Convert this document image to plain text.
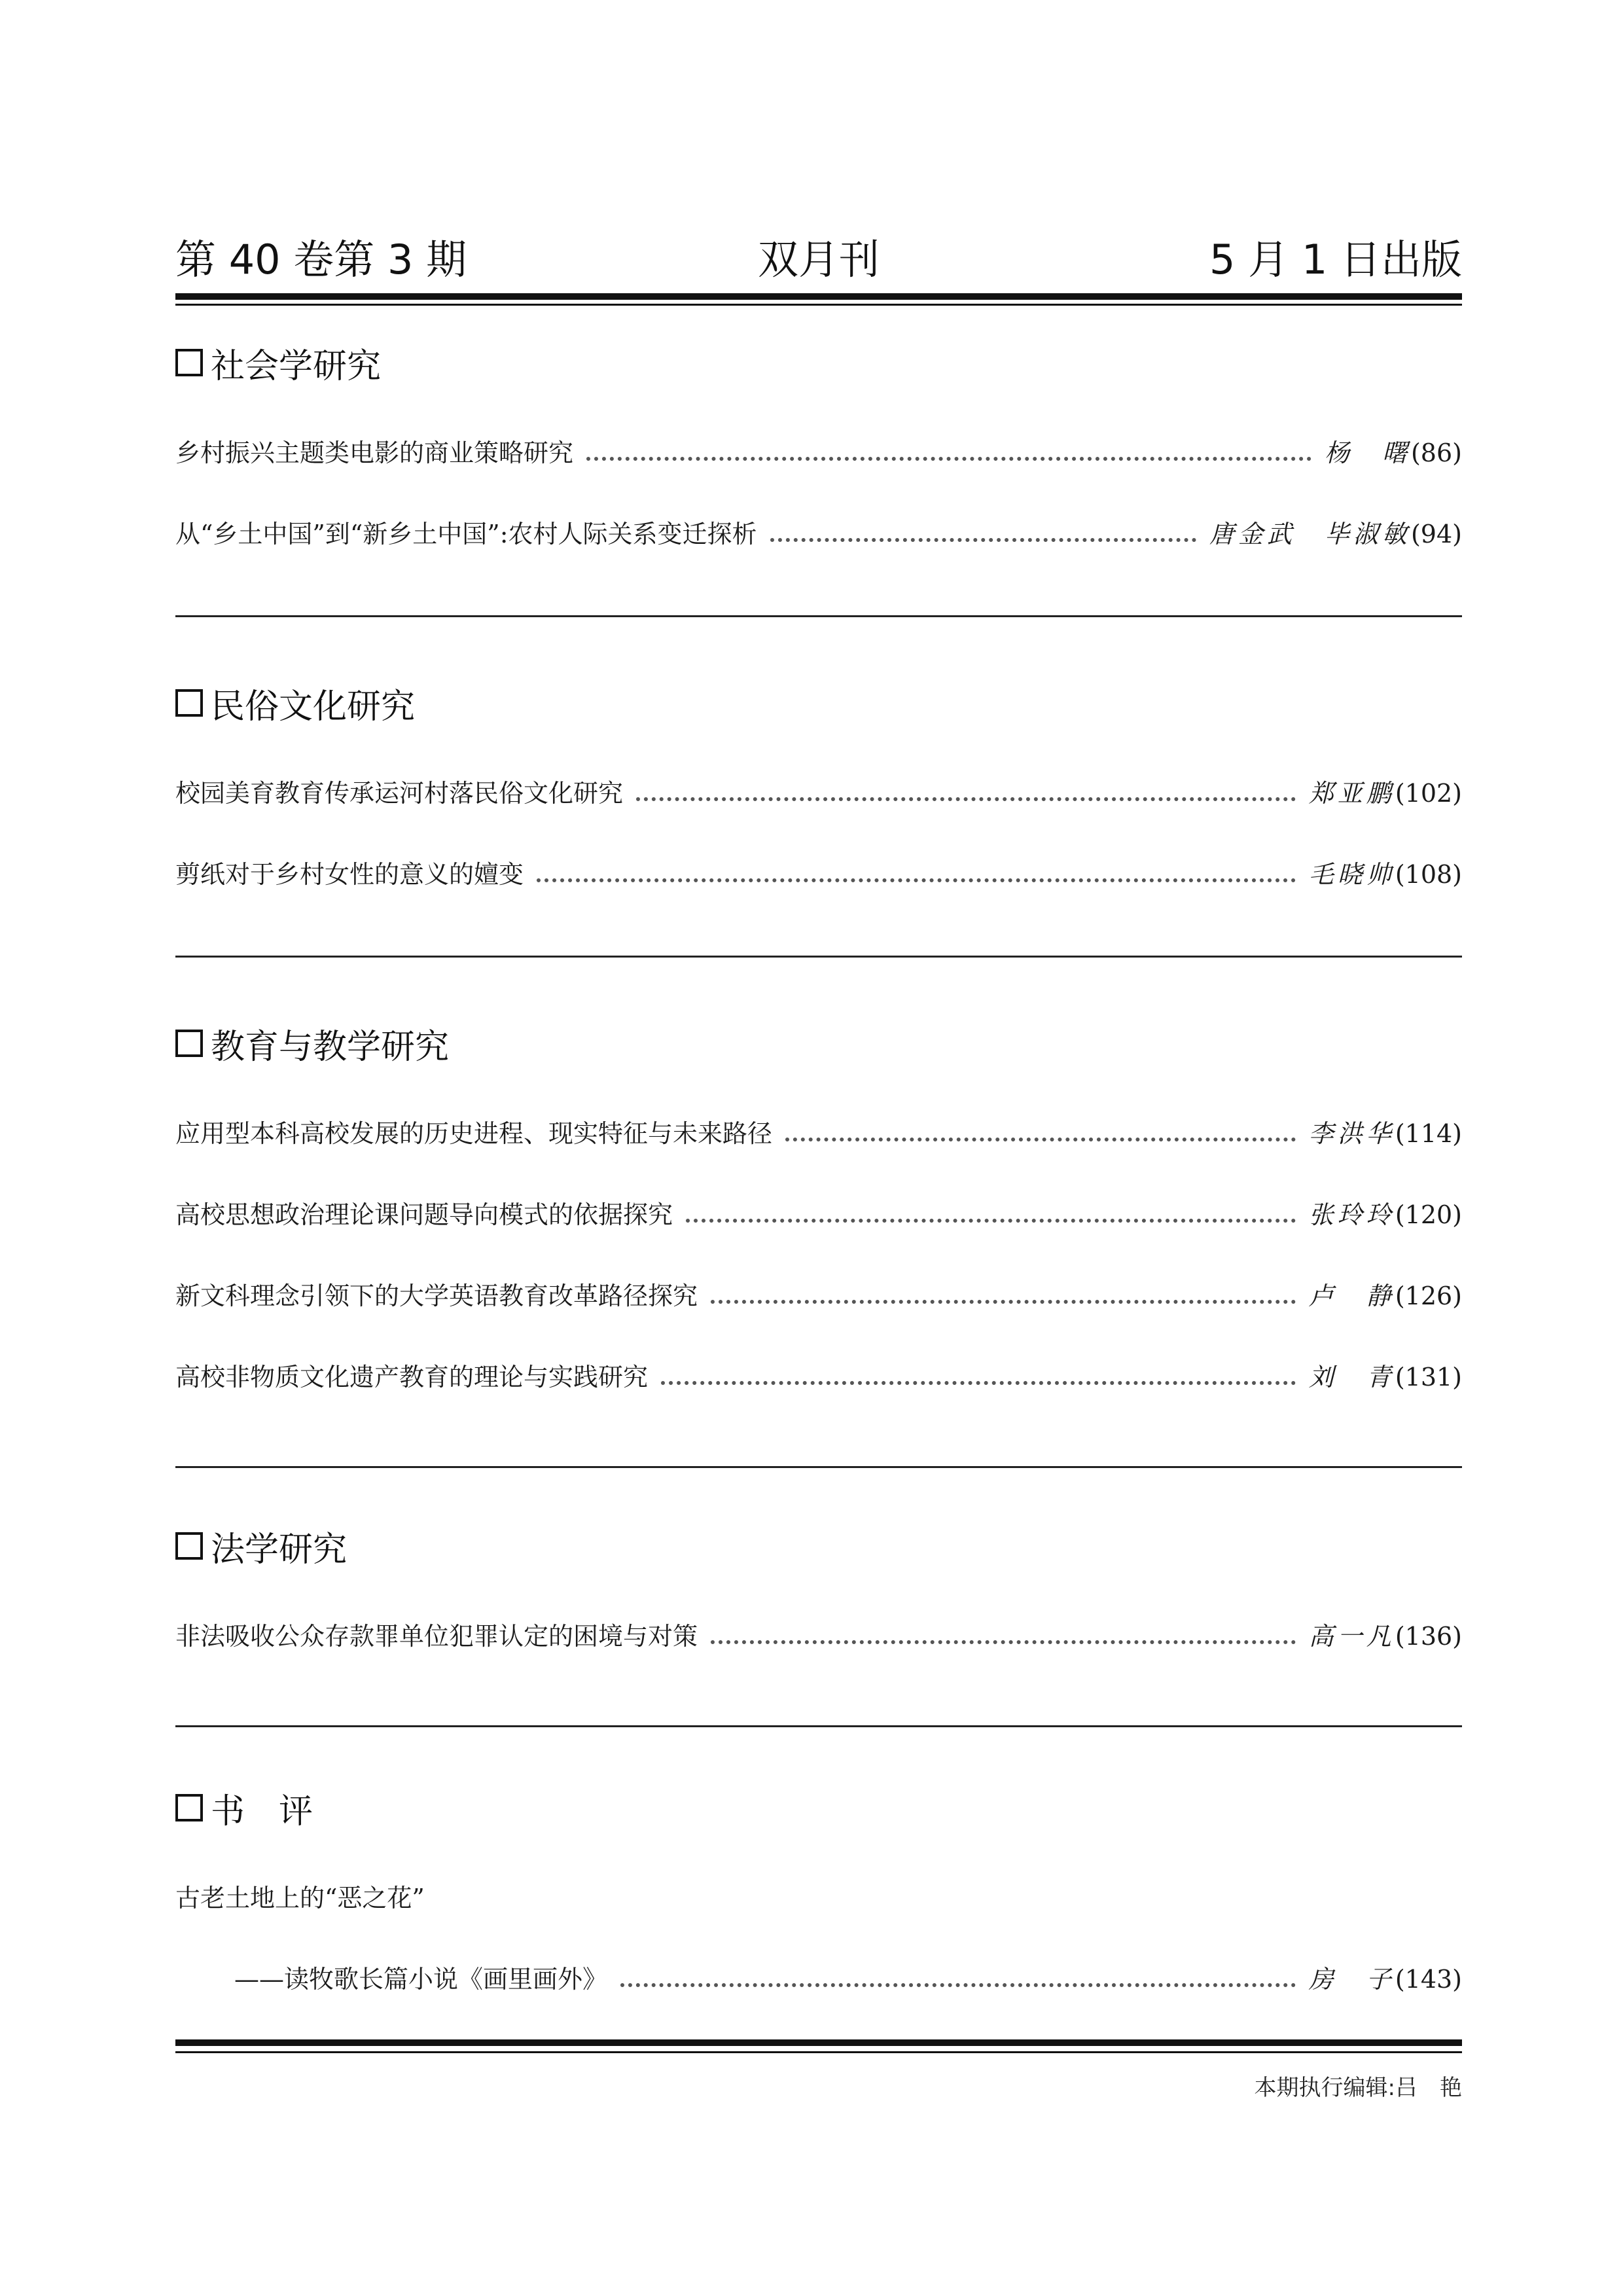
第 40 卷第 3 期	双月刊	5 月 1 日出版
社会学研究
乡村振兴主题类电影的商业策略研究	杨　曙 (86)
从“乡土中国”到“新乡土中国”:农村人际关系变迁探析	唐金武　毕淑敏 (94)
民俗文化研究
校园美育教育传承运河村落民俗文化研究	郑亚鹏 (102)
剪纸对于乡村女性的意义的嬗变	毛晓帅 (108)
教育与教学研究
应用型本科高校发展的历史进程、现实特征与未来路径	李洪华 (114)
高校思想政治理论课问题导向模式的依据探究	张玲玲 (120)
新文科理念引领下的大学英语教育改革路径探究	卢　静 (126)
高校非物质文化遗产教育的理论与实践研究	刘　青 (131)
法学研究
非法吸收公众存款罪单位犯罪认定的困境与对策	高一凡 (136)
书　评
古老土地上的“恶之花”
——读牧歌长篇小说《画里画外》	房　子 (143)
本期执行编辑:吕　艳
